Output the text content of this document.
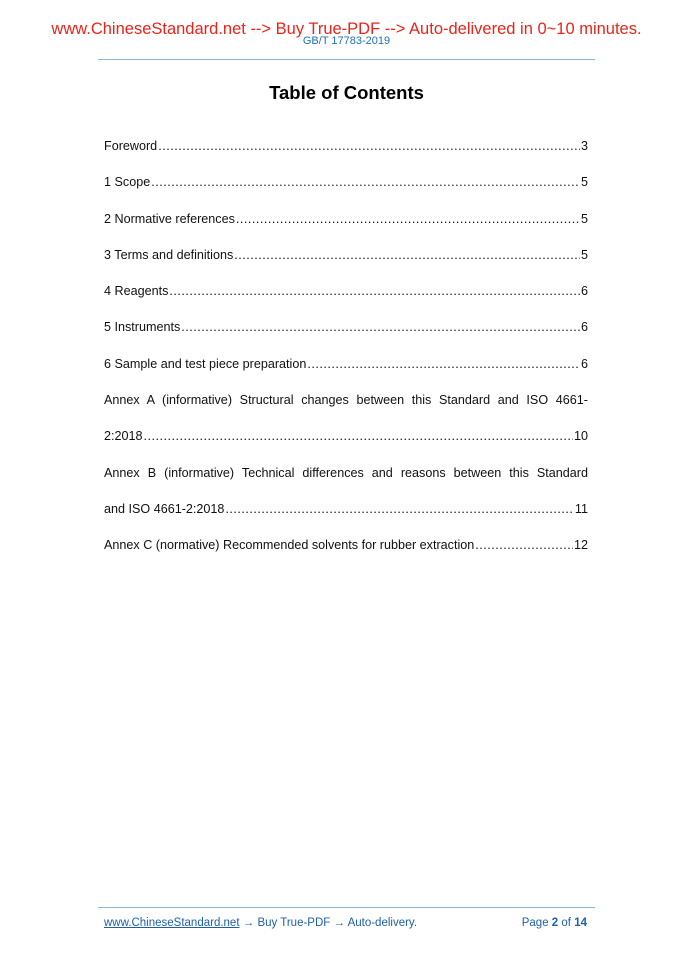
www.ChineseStandard.net --> Buy True-PDF --> Auto-delivered in 0~10 minutes.
GB/T 17783-2019
Table of Contents
Foreword .....	3
1 Scope .....	5
2 Normative references .....	5
3 Terms and definitions .....	5
4 Reagents .....	6
5 Instruments .....	6
6 Sample and test piece preparation .....	6
Annex A (informative) Structural changes between this Standard and ISO 4661-
2:2018 .....	10
Annex B (informative) Technical differences and reasons between this Standard
and ISO 4661-2:2018 .....	11
Annex C (normative) Recommended solvents for rubber extraction .....	12
www.ChineseStandard.net → Buy True-PDF → Auto-delivery.	Page 2 of 14
